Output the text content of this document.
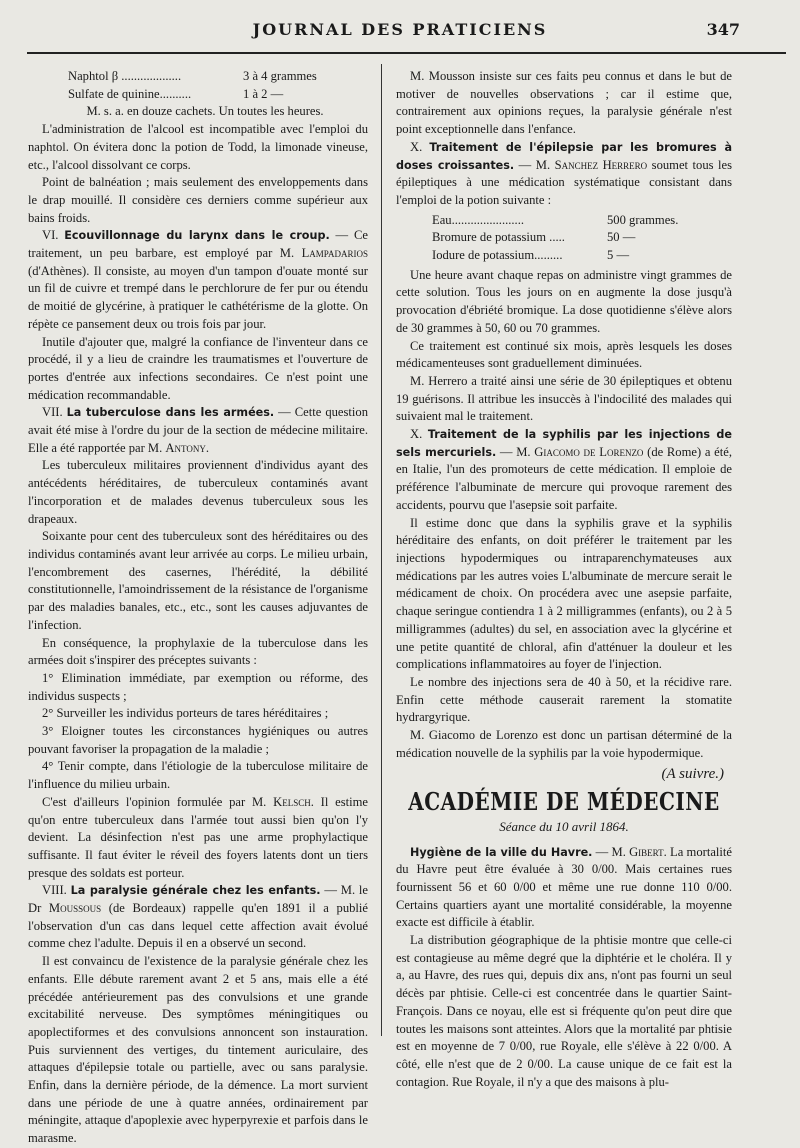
JOURNAL DES PRATICIENS	347
Naphtol β ...................	3 à 4 grammes
Sulfate de quinine..........	1 à 2 —

M. s. a. en douze cachets. Un toutes les heures.

L'administration de l'alcool est incompatible avec l'emploi du naphtol. On évitera donc la potion de Todd, la limonade vineuse, etc., l'alcool dissolvant ce corps.

Point de balnéation ; mais seulement des enveloppements dans le drap mouillé. Il considère ces derniers comme supérieur aux bains froids.

VI. Ecouvillonnage du larynx dans le croup. — Ce traitement, un peu barbare, est employé par M. Lampadarios (d'Athènes). Il consiste, au moyen d'un tampon d'ouate monté sur un fil de cuivre et trempé dans le perchlorure de fer pur ou étendu de moitié de glycérine, à pratiquer le cathétérisme de la glotte. On répète ce pansement deux ou trois fois par jour.

Inutile d'ajouter que, malgré la confiance de l'inventeur dans ce procédé, il y a lieu de craindre les traumatismes et l'ouverture de portes d'entrée aux infections secondaires. Ce n'est point une médication recommandable.

VII. La tuberculose dans les armées. — Cette question avait été mise à l'ordre du jour de la section de médecine militaire. Elle a été rapportée par M. Antony.

Les tuberculeux militaires proviennent d'individus ayant des antécédents héréditaires, de tuberculeux contaminés avant l'incorporation et de malades devenus tuberculeux sous les drapeaux.

Soixante pour cent des tuberculeux sont des héréditaires ou des individus contaminés avant leur arrivée au corps. Le milieu urbain, l'encombrement des casernes, l'hérédité, la débilité constitutionnelle, l'amoindrissement de la résistance de l'organisme par des maladies banales, etc., etc., sont les causes adjuvantes de l'infection.

En conséquence, la prophylaxie de la tuberculose dans les armées doit s'inspirer des préceptes suivants :

1° Elimination immédiate, par exemption ou réforme, des individus suspects ;

2° Surveiller les individus porteurs de tares héréditaires ;

3° Eloigner toutes les circonstances hygiéniques ou autres pouvant favoriser la propagation de la maladie ;

4° Tenir compte, dans l'étiologie de la tuberculose militaire de l'influence du milieu urbain.

C'est d'ailleurs l'opinion formulée par M. Kelsch. Il estime qu'on entre tuberculeux dans l'armée tout aussi bien qu'on l'y devient. La désinfection n'est pas une arme prophylactique suffisante. Il faut éviter le réveil des foyers latents dont un tiers presque des soldats est porteur.

VIII. La paralysie générale chez les enfants. — M. le Dr Moussous (de Bordeaux) rappelle qu'en 1891 il a publié l'observation d'un cas dans lequel cette affection avait évolué comme chez l'adulte. Depuis il en a observé un second.

Il est convaincu de l'existence de la paralysie générale chez les enfants. Elle débute rarement avant 2 et 5 ans, mais elle a été précédée antérieurement pas des convulsions et une grande excitabilité nerveuse. Des symptômes méningitiques ou apoplectiformes et des convulsions annoncent son instauration. Puis surviennent des vertiges, du tintement auriculaire, des attaques d'épilepsie totale ou partielle, avec ou sans paralysie. Enfin, dans la dernière période, de la démence. La mort survient dans une période de une à quatre années, ordinairement par méningite, attaque d'apoplexie avec hyperpyrexie et parfois dans le marasme.

M. Mousson insiste sur ces faits peu connus et dans le but de motiver de nouvelles observations ; car il estime que, contrairement aux opinions reçues, la paralysie générale n'est point exceptionnelle dans l'enfance.

X. Traitement de l'épilepsie par les bromures à doses croissantes. — M. Sanchez Herrero soumet tous les épileptiques à une médication systématique consistant dans l'emploi de la potion suivante :

Eau.......................	500 grammes.
Bromure de potassium .....	50 —
Iodure de potassium.........	5 —

Une heure avant chaque repas on administre vingt grammes de cette solution. Tous les jours on en augmente la dose jusqu'à provocation d'ébriété bromique. La dose quotidienne s'élève alors de 30 grammes à 50, 60 ou 70 grammes.

Ce traitement est continué six mois, après lesquels les doses médicamenteuses sont graduellement diminuées.

M. Herrero a traité ainsi une série de 30 épileptiques et obtenu 19 guérisons. Il attribue les insuccès à l'indocilité des malades qui suivaient mal le traitement.

X. Traitement de la syphilis par les injections de sels mercuriels. — M. Giacomo de Lorenzo (de Rome) a été, en Italie, l'un des promoteurs de cette médication. Il emploie de préférence l'albuminate de mercure qui provoque rarement des accidents, pourvu que l'asepsie soit parfaite.

Il estime donc que dans la syphilis grave et la syphilis héréditaire des enfants, on doit préférer le traitement par les injections hypodermiques ou intraparenchymateuses aux médications par les autres voies L'albuminate de mercure serait le médicament de choix. On procédera avec une asepsie parfaite, chaque seringue contiendra 1 à 2 milligrammes (enfants), ou 2 à 5 milligrammes (adultes) du sel, en association avec la glycérine et une petite quantité de chloral, afin d'atténuer la douleur et les complications inflammatoires au foyer de l'injection.

Le nombre des injections sera de 40 à 50, et la récidive rare. Enfin cette méthode causerait rarement la stomatite hydrargyrique.

M. Giacomo de Lorenzo est donc un partisan déterminé de la médication nouvelle de la syphilis par la voie hypodermique.

(A suivre.)

ACADÉMIE DE MÉDECINE

Séance du 10 avril 1864.

Hygiène de la ville du Havre. — M. Gibert. La mortalité du Havre peut être évaluée à 30 0/00. Mais certaines rues fournissent 56 et 60 0/00 et même une rue donne 110 0/00. Certains quartiers ayant une mortalité considérable, la moyenne exacte est difficile à établir.

La distribution géographique de la phtisie montre que celle-ci est contagieuse au même degré que la diphtérie et le choléra. Il y a, au Havre, des rues qui, depuis dix ans, n'ont pas fourni un seul décès par phtisie. Celle-ci est concentrée dans le quartier Saint-François. Dans ce noyau, elle est si fréquente qu'on peut dire que toutes les maisons sont atteintes. Alors que la mortalité par phtisie est en moyenne de 7 0/00, rue Royale, elle s'élève à 22 0/00. A côté, elle n'est que de 2 0/00. La cause unique de ce fait est la contagion. Rue Royale, il n'y a que des maisons à plu-
